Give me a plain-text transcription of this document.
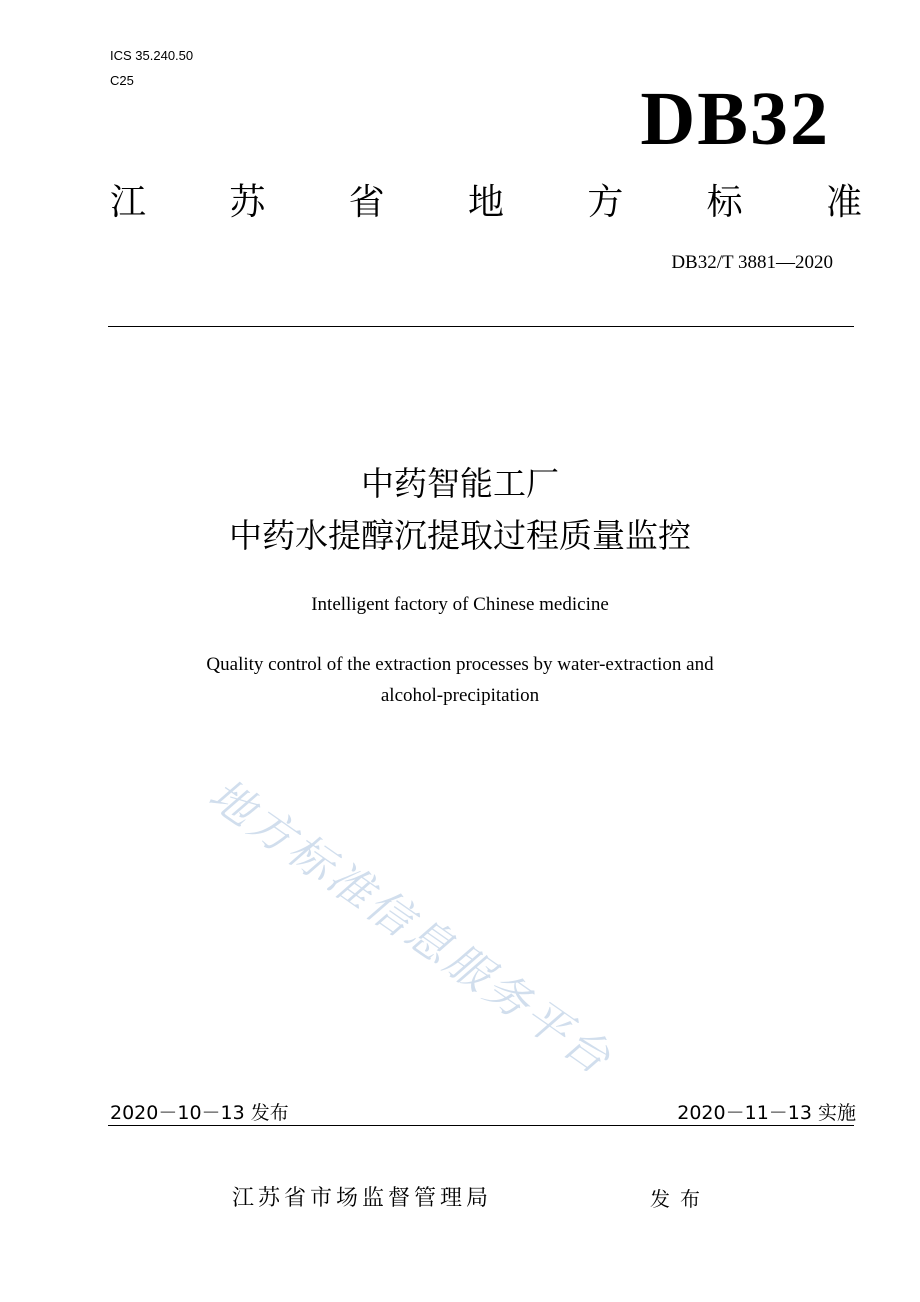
ICS 35.240.50
C25	DB32
江 苏 省 地 方 标 准
DB32/T 3881—2020
中药智能工厂
中药水提醇沉提取过程质量监控
Intelligent factory of Chinese medicine
Quality control of the extraction processes by water-extraction and
alcohol-precipitation
地方标准信息服务平台
2020－10－13 发布	2020－11－13 实施
江苏省市场监督管理局	发布
